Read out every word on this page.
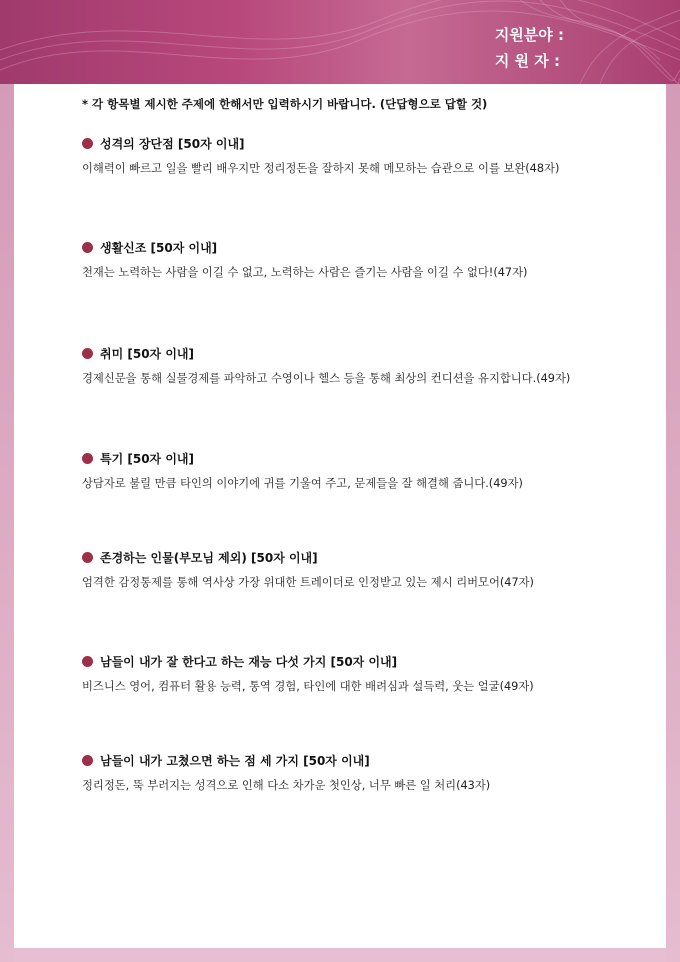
지원분야 :
지 원 자 :
* 각 항목별 제시한 주제에 한해서만 입력하시기 바랍니다. (단답형으로 답할 것)
성격의 장단점 [50자 이내]
이해력이 빠르고 일을 빨리 배우지만 정리정돈을 잘하지 못해 메모하는 습관으로 이를 보완(48자)
생활신조 [50자 이내]
천재는 노력하는 사람을 이길 수 없고, 노력하는 사람은 즐기는 사람을 이길 수 없다!(47자)
취미 [50자 이내]
경제신문을 통해 실물경제를 파악하고 수영이나 헬스 등을 통해 최상의 컨디션을 유지합니다.(49자)
특기 [50자 이내]
상담자로 불릴 만큼 타인의 이야기에 귀를 기울여 주고, 문제들을 잘 해결해 줍니다.(49자)
존경하는 인물(부모님 제외) [50자 이내]
엄격한 감정통제를 통해 역사상 가장 위대한 트레이더로 인정받고 있는 제시 리버모어(47자)
남들이 내가 잘 한다고 하는 재능 다섯 가지 [50자 이내]
비즈니스 영어, 컴퓨터 활용 능력, 통역 경험, 타인에 대한 배려심과 설득력, 웃는 얼굴(49자)
남들이 내가 고쳤으면 하는 점 세 가지 [50자 이내]
정리정돈, 뚝 부러지는 성격으로 인해 다소 차가운 첫인상, 너무 빠른 일 처리(43자)
